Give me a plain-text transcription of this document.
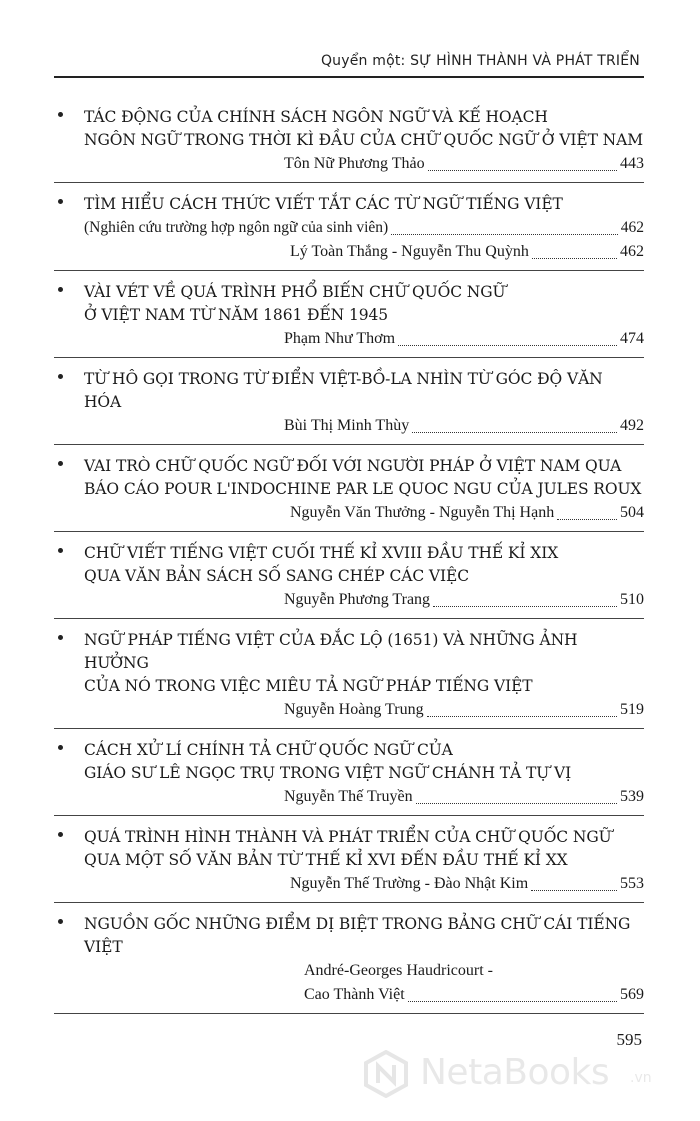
Quyển một: SỰ HÌNH THÀNH VÀ PHÁT TRIỂN
TÁC ĐỘNG CỦA CHÍNH SÁCH NGÔN NGỮ VÀ KẾ HOẠCH
NGÔN NGỮ TRONG THỜI KÌ ĐẦU CỦA CHỮ QUỐC NGỮ Ở VIỆT NAM
Tôn Nữ Phương Thảo	443
TÌM HIỂU CÁCH THỨC VIẾT TẮT CÁC TỪ NGỮ TIẾNG VIỆT
(Nghiên cứu trường hợp ngôn ngữ của sinh viên)	462
Lý Toàn Thắng - Nguyễn Thu Quỳnh	462
VÀI VÉT VỀ QUÁ TRÌNH PHỔ BIẾN CHỮ QUỐC NGỮ
Ở VIỆT NAM TỪ NĂM 1861 ĐẾN 1945
Phạm Như Thơm	474
TỪ HÔ GỌI TRONG TỪ ĐIỂN VIỆT-BỒ-LA NHÌN TỪ GÓC ĐỘ VĂN HÓA
Bùi Thị Minh Thùy	492
VAI TRÒ CHỮ QUỐC NGỮ ĐỐI VỚI NGƯỜI PHÁP Ở VIỆT NAM QUA
BÁO CÁO POUR L'INDOCHINE PAR LE QUOC NGU CỦA JULES ROUX
Nguyễn Văn Thưởng - Nguyễn Thị Hạnh	504
CHỮ VIẾT TIẾNG VIỆT CUỐI THẾ KỈ XVIII ĐẦU THẾ KỈ XIX
QUA VĂN BẢN SÁCH SỐ SANG CHÉP CÁC VIỆC
Nguyễn Phương Trang	510
NGỮ PHÁP TIẾNG VIỆT CỦA ĐẮC LỘ (1651) VÀ NHỮNG ẢNH HƯỞNG
CỦA NÓ TRONG VIỆC MIÊU TẢ NGỮ PHÁP TIẾNG VIỆT
Nguyễn Hoàng Trung	519
CÁCH XỬ LÍ CHÍNH TẢ CHỮ QUỐC NGỮ CỦA
GIÁO SƯ LÊ NGỌC TRỤ TRONG VIỆT NGỮ CHÁNH TẢ TỰ VỊ
Nguyễn Thế Truyền	539
QUÁ TRÌNH HÌNH THÀNH VÀ PHÁT TRIỂN CỦA CHỮ QUỐC NGỮ
QUA MỘT SỐ VĂN BẢN TỪ THẾ KỈ XVI ĐẾN ĐẦU THẾ KỈ XX
Nguyễn Thế Trường - Đào Nhật Kim	553
NGUỒN GỐC NHỮNG ĐIỂM DỊ BIỆT TRONG BẢNG CHỮ CÁI TIẾNG VIỆT
André-Georges Haudricourt -
Cao Thành Việt	569
595
NetaBooks .vn
